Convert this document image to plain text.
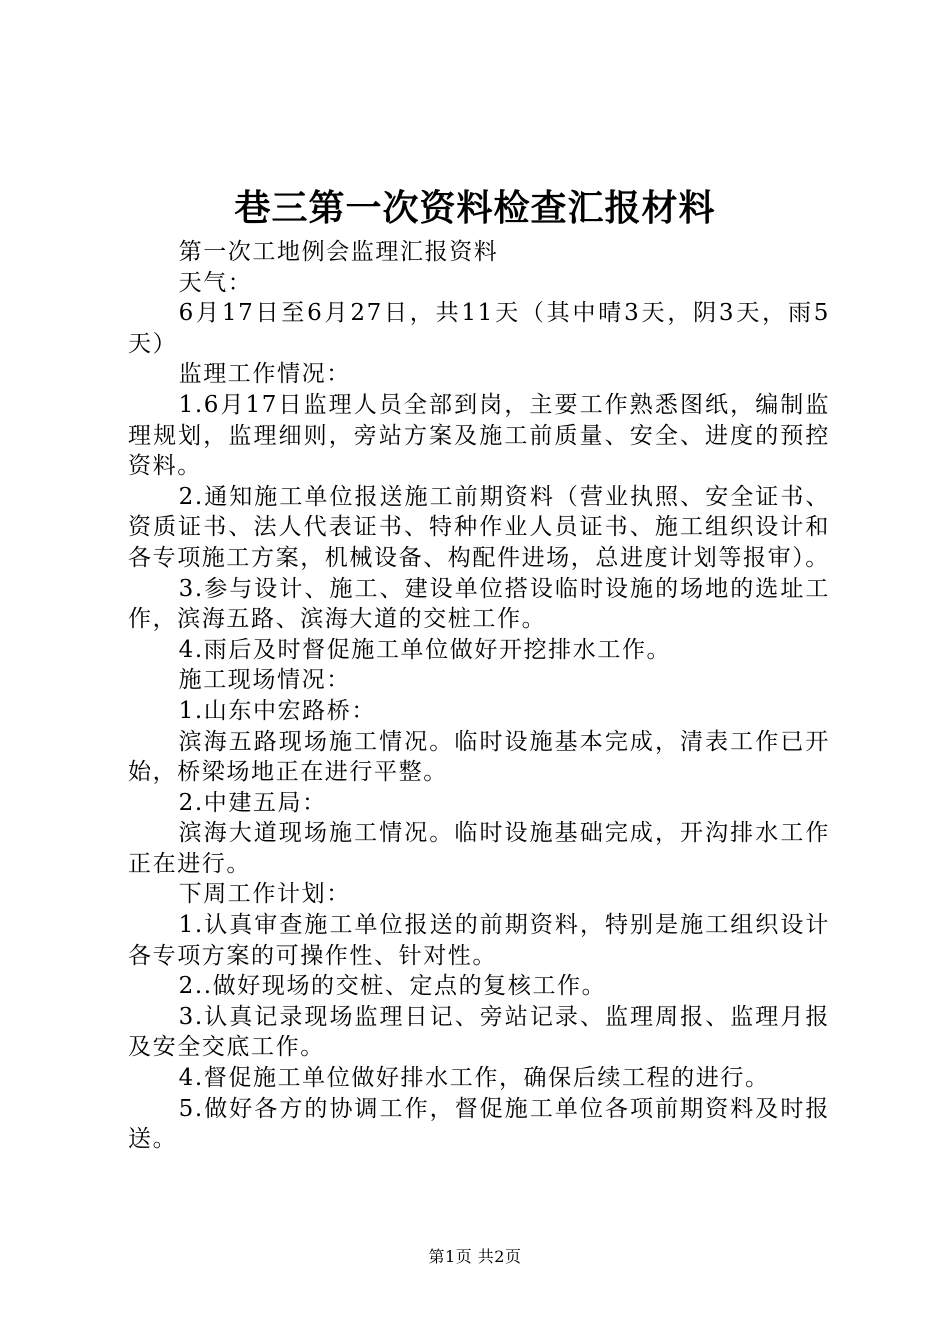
巷三第一次资料检查汇报材料

第一次工地例会监理汇报资料

天气：

6月17日至6月27日，共11天（其中晴3天，阴3天，雨5天）

监理工作情况：

1.6月17日监理人员全部到岗，主要工作熟悉图纸，编制监理规划，监理细则，旁站方案及施工前质量、安全、进度的预控资料。

2.通知施工单位报送施工前期资料（营业执照、安全证书、资质证书、法人代表证书、特种作业人员证书、施工组织设计和各专项施工方案，机械设备、构配件进场，总进度计划等报审）。

3.参与设计、施工、建设单位搭设临时设施的场地的选址工作，滨海五路、滨海大道的交桩工作。

4.雨后及时督促施工单位做好开挖排水工作。

施工现场情况：

1.山东中宏路桥：

滨海五路现场施工情况。临时设施基本完成，清表工作已开始，桥梁场地正在进行平整。

2.中建五局：

滨海大道现场施工情况。临时设施基础完成，开沟排水工作正在进行。

下周工作计划：

1.认真审查施工单位报送的前期资料，特别是施工组织设计各专项方案的可操作性、针对性。

2..做好现场的交桩、定点的复核工作。

3.认真记录现场监理日记、旁站记录、监理周报、监理月报及安全交底工作。

4.督促施工单位做好排水工作，确保后续工程的进行。

5.做好各方的协调工作，督促施工单位各项前期资料及时报送。

第1页 共2页
